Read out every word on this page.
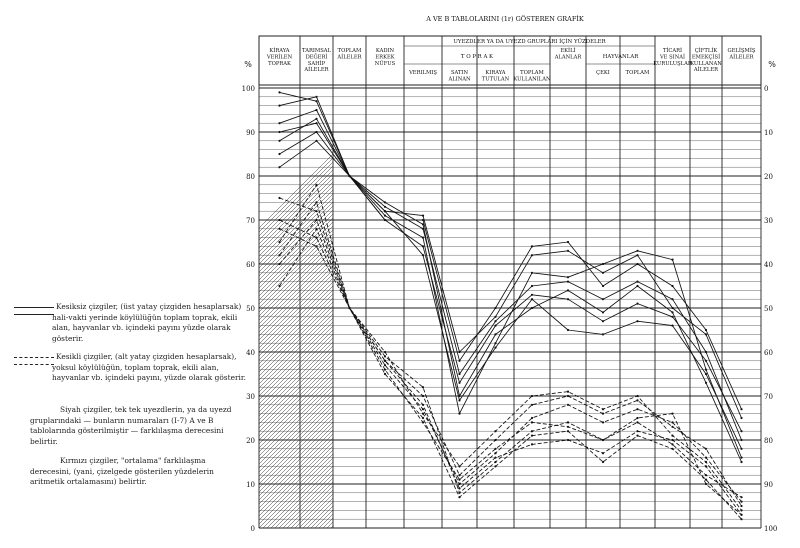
A VE B TABLOLARINI (1r) GÖSTEREN GRAFİK
KİRAYA VERİLEN TOPRAK
TARIMSAL DEĞERİ SAHİP AİLELER
TOPLAM AİLELER
KADIN ERKEK NÜFUS
VERILMIŞ	SATIN ALINAN
KIRAYA TUTULAN
TOPLAM KULLANILAN
EKİLİ ALANLAR
ÇEKI	TOPLAM
TİCARİ VE SINAİ KURULUŞLAR
ÇİFTLİK EMEKÇİSİ KULLANAN AİLELER
GELİŞMİŞ AİLELER
UYEZDLER YA DA UYEZD GRUPLARI İÇİN YÜZDELER
T O P R A K	HAYVANLAR
%	%
0
10
20
30
40
50
60
70
80
90
100	0
10
20
30
40
50
60
70
80
90
100

Kesiksiz çizgiler, (üst yatay çizgiden hesaplarsak) hali-vakti yerinde köylülüğün toplam toprak, ekili alan, hayvanlar vb. içindeki payını yüzde olarak gösterir.

Kesikli çizgiler, (alt yatay çizgiden hesaplarsak), yoksul köylülüğün, toplam toprak, ekili alan, hayvanlar vb. içindeki payını, yüzde olarak gösterir.

Siyah çizgiler, tek tek uyezdlerin, ya da uyezd gruplarındaki — bunların numaraları (I-7) A ve B tablolarında gösterilmiştir — farklılaşma derecesini belirtir.

Kırmızı çizgiler, "ortalama" farklılaşma derecesini, (yani, çizelgede gösterilen yüzdelerin aritmetik ortalamasını) belirtir.
